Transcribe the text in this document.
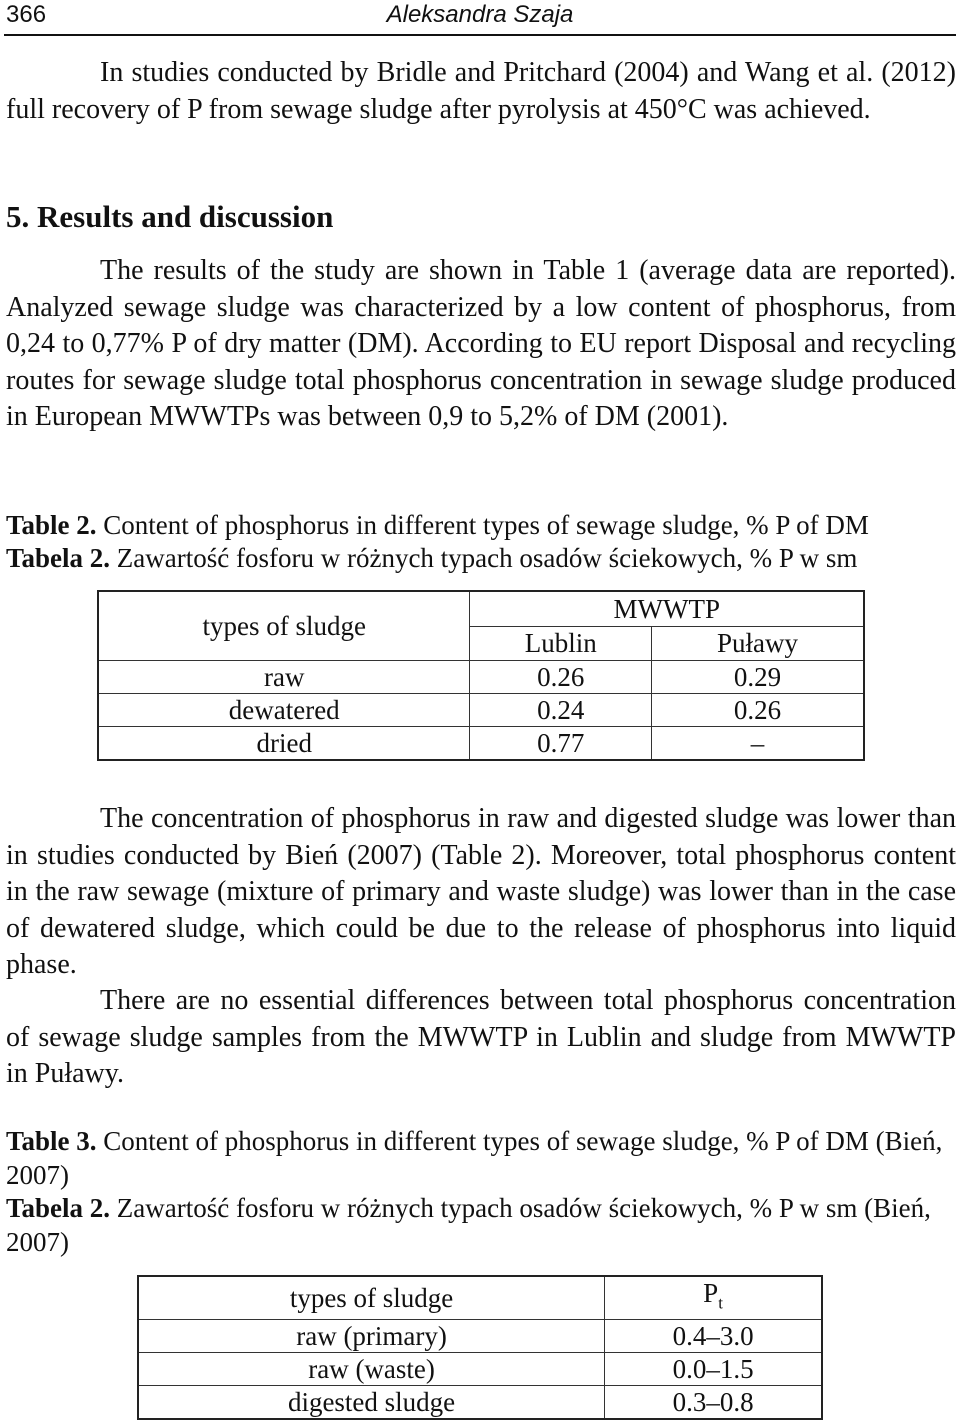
366	Aleksandra Szaja

In studies conducted by Bridle and Pritchard (2004) and Wang et al. (2012) full recovery of P from sewage sludge after pyrolysis at 450°C was achieved.

5. Results and discussion

The results of the study are shown in Table 1 (average data are reported). Analyzed sewage sludge was characterized by a low content of phosphorus, from 0,24 to 0,77% P of dry matter (DM). According to EU report Disposal and recycling routes for sewage sludge total phosphorus concentration in sewage sludge produced in European MWWTPs was between 0,9 to 5,2% of DM (2001).

Table 2. Content of phosphorus in different types of sewage sludge, % P of DM

Tabela 2. Zawartość fosforu w różnych typach osadów ściekowych, % P w sm

types of sludge	MWWTP	
	Lublin	Puławy
raw	0.26	0.29
dewatered	0.24	0.26
dried	0.77	–

The concentration of phosphorus in raw and digested sludge was lower than in studies conducted by Bień (2007) (Table 2). Moreover, total phosphorus content in the raw sewage (mixture of primary and waste sludge) was lower than in the case of dewatered sludge, which could be due to the release of phosphorus into liquid phase.

There are no essential differences between total phosphorus concentration of sewage sludge samples from the MWWTP in Lublin and sludge from MWWTP in Puławy.

Table 3. Content of phosphorus in different types of sewage sludge, % P of DM (Bień, 2007)

Tabela 2. Zawartość fosforu w różnych typach osadów ściekowych, % P w sm (Bień, 2007)

types of sludge	$P_t$
raw (primary)	0.4–3.0
raw (waste)	0.0–1.5
digested sludge	0.3–0.8
